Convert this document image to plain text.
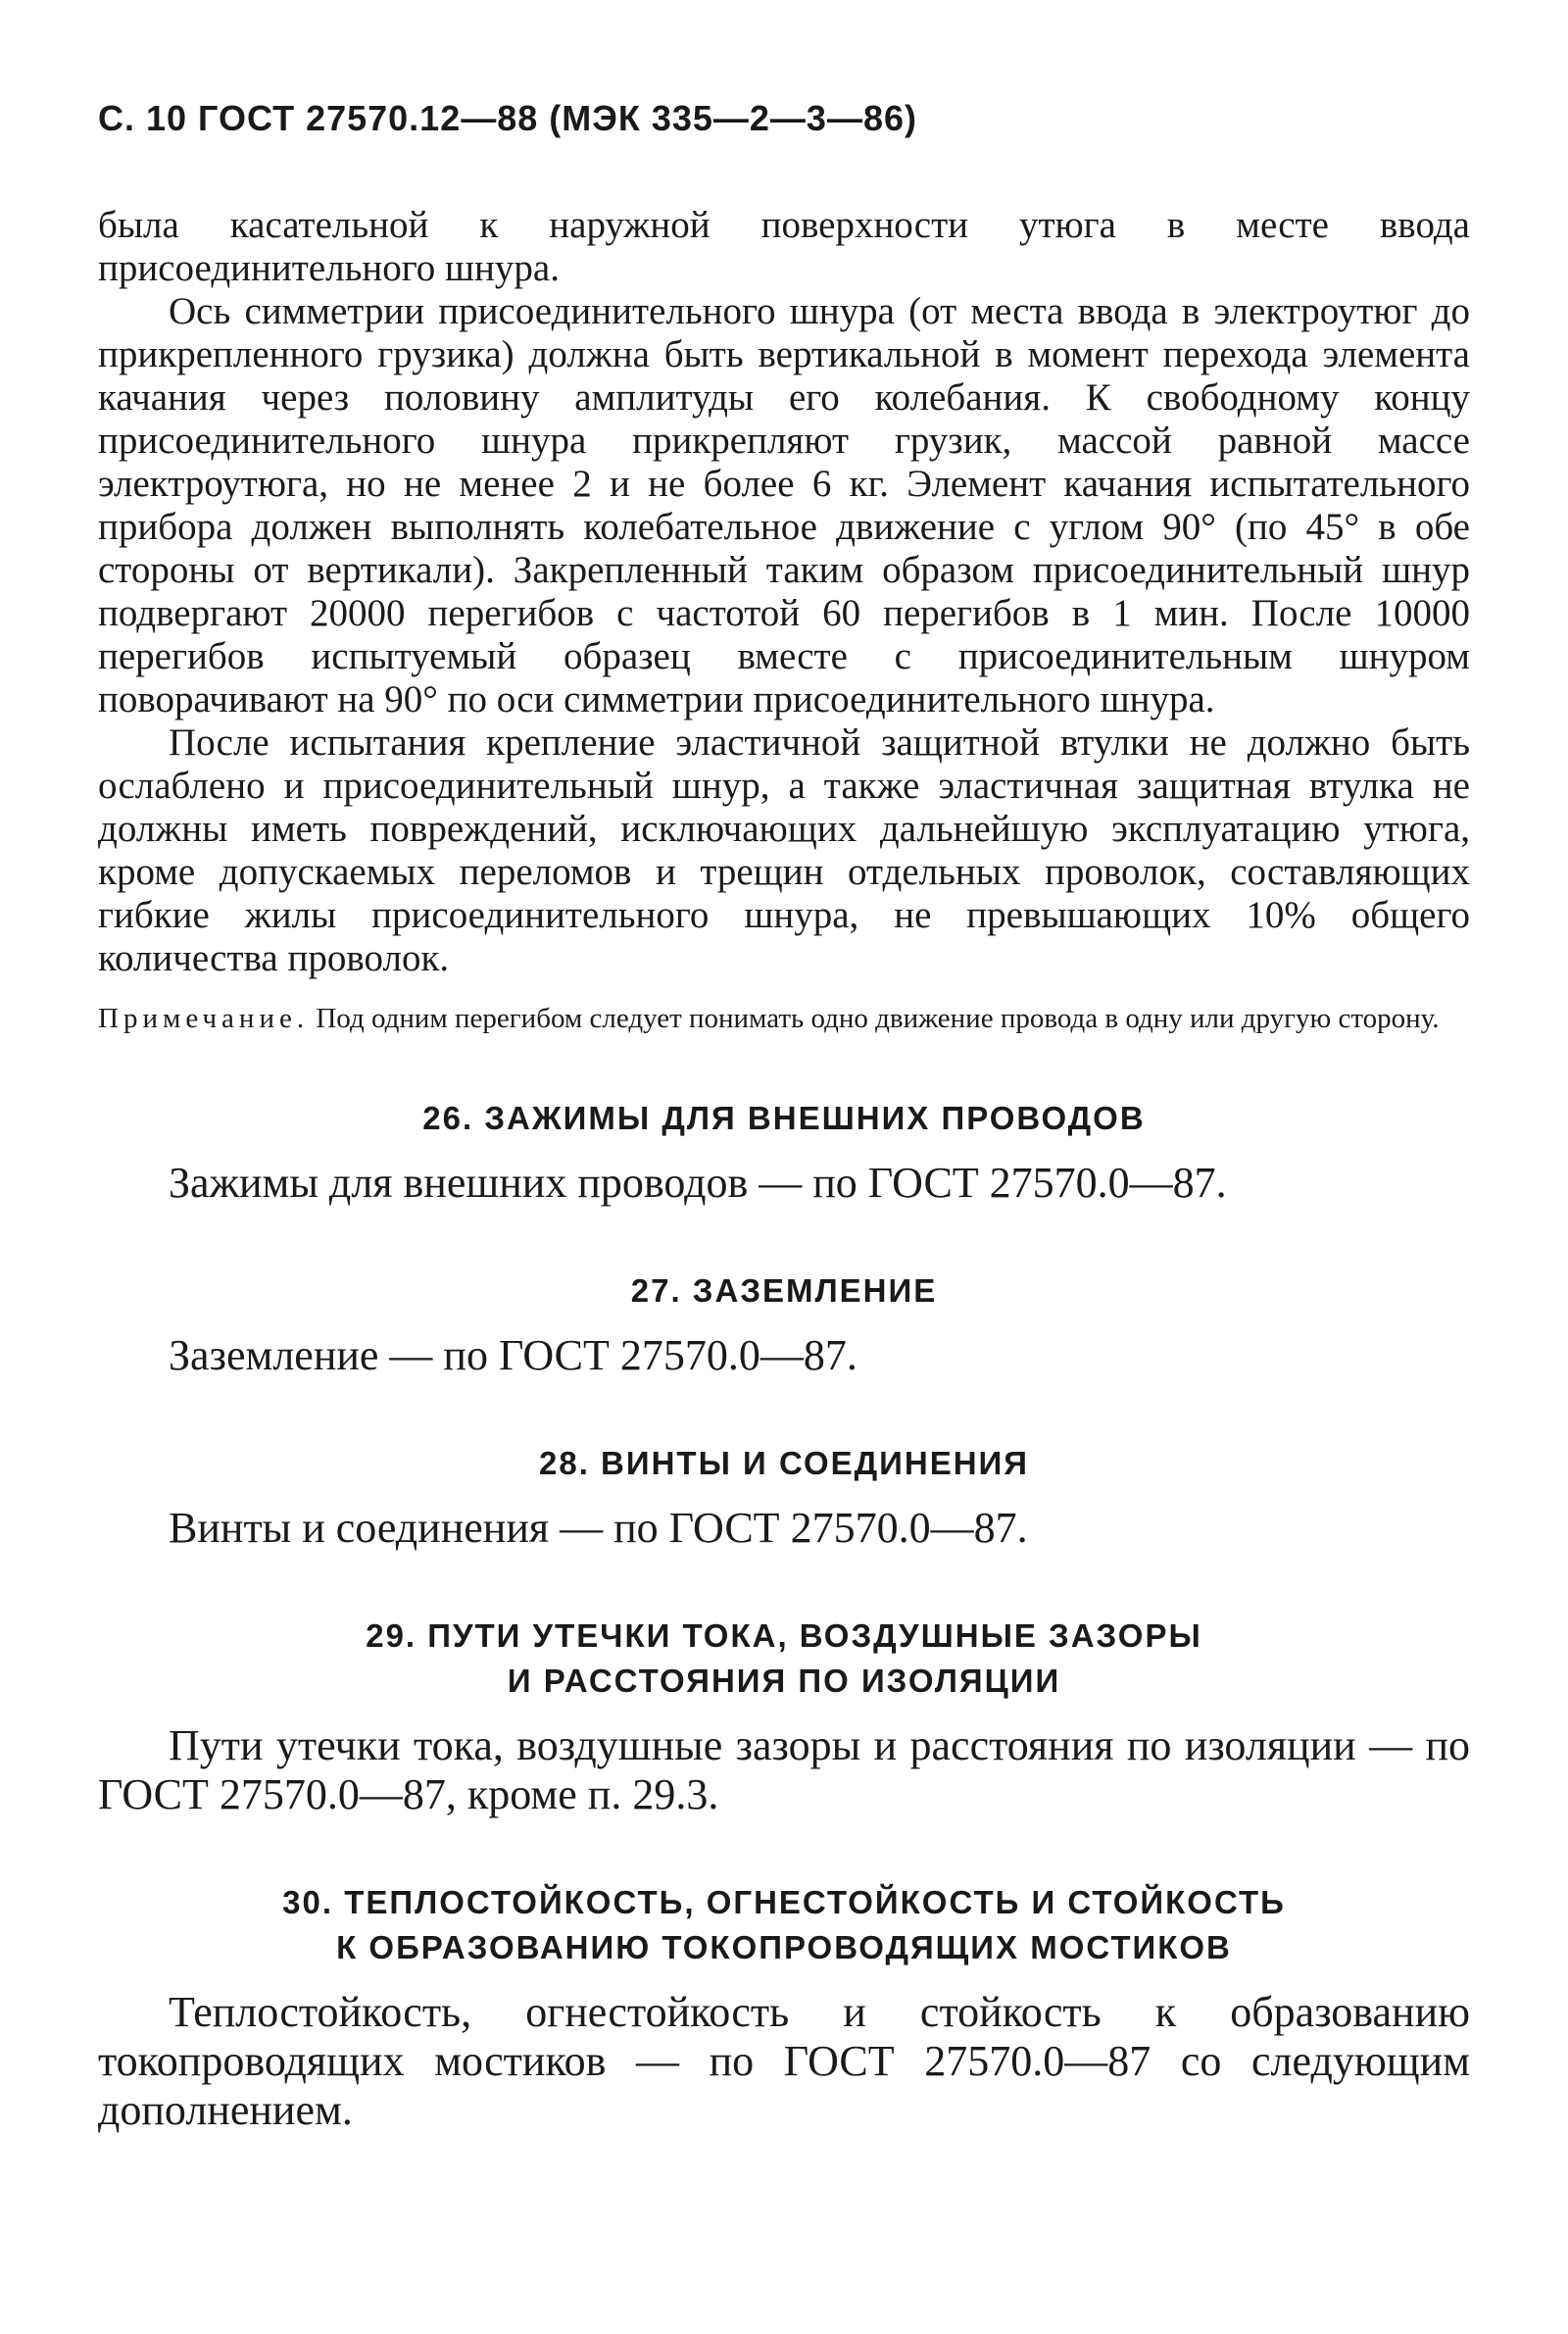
С. 10 ГОСТ 27570.12—88 (МЭК 335—2—3—86)

была касательной к наружной поверхности утюга в месте ввода присоединительного шнура.

Ось симметрии присоединительного шнура (от места ввода в электроутюг до прикрепленного грузика) должна быть вертикальной в момент перехода элемента качания через половину амплитуды его колебания. К свободному концу присоединительного шнура прикрепляют грузик, массой равной массе электроутюга, но не менее 2 и не более 6 кг. Элемент качания испытательного прибора должен выполнять колебательное движение с углом 90° (по 45° в обе стороны от вертикали). Закрепленный таким образом присоединительный шнур подвергают 20000 перегибов с частотой 60 перегибов в 1 мин. После 10000 перегибов испытуемый образец вместе с присоединительным шнуром поворачивают на 90° по оси симметрии присоединительного шнура.

После испытания крепление эластичной защитной втулки не должно быть ослаблено и присоединительный шнур, а также эластичная защитная втулка не должны иметь повреждений, исключающих дальнейшую эксплуатацию утюга, кроме допускаемых переломов и трещин отдельных проволок, составляющих гибкие жилы присоединительного шнура, не превышающих 10% общего количества проволок.

Примечание. Под одним перегибом следует понимать одно движение провода в одну или другую сторону.

26. ЗАЖИМЫ ДЛЯ ВНЕШНИХ ПРОВОДОВ

Зажимы для внешних проводов — по ГОСТ 27570.0—87.

27. ЗАЗЕМЛЕНИЕ

Заземление — по ГОСТ 27570.0—87.

28. ВИНТЫ И СОЕДИНЕНИЯ

Винты и соединения — по ГОСТ 27570.0—87.

29. ПУТИ УТЕЧКИ ТОКА, ВОЗДУШНЫЕ ЗАЗОРЫ
И РАССТОЯНИЯ ПО ИЗОЛЯЦИИ

Пути утечки тока, воздушные зазоры и расстояния по изоляции — по ГОСТ 27570.0—87, кроме п. 29.3.

30. ТЕПЛОСТОЙКОСТЬ, ОГНЕСТОЙКОСТЬ И СТОЙКОСТЬ
К ОБРАЗОВАНИЮ ТОКОПРОВОДЯЩИХ МОСТИКОВ

Теплостойкость, огнестойкость и стойкость к образованию токопроводящих мостиков — по ГОСТ 27570.0—87 со следующим дополнением.
